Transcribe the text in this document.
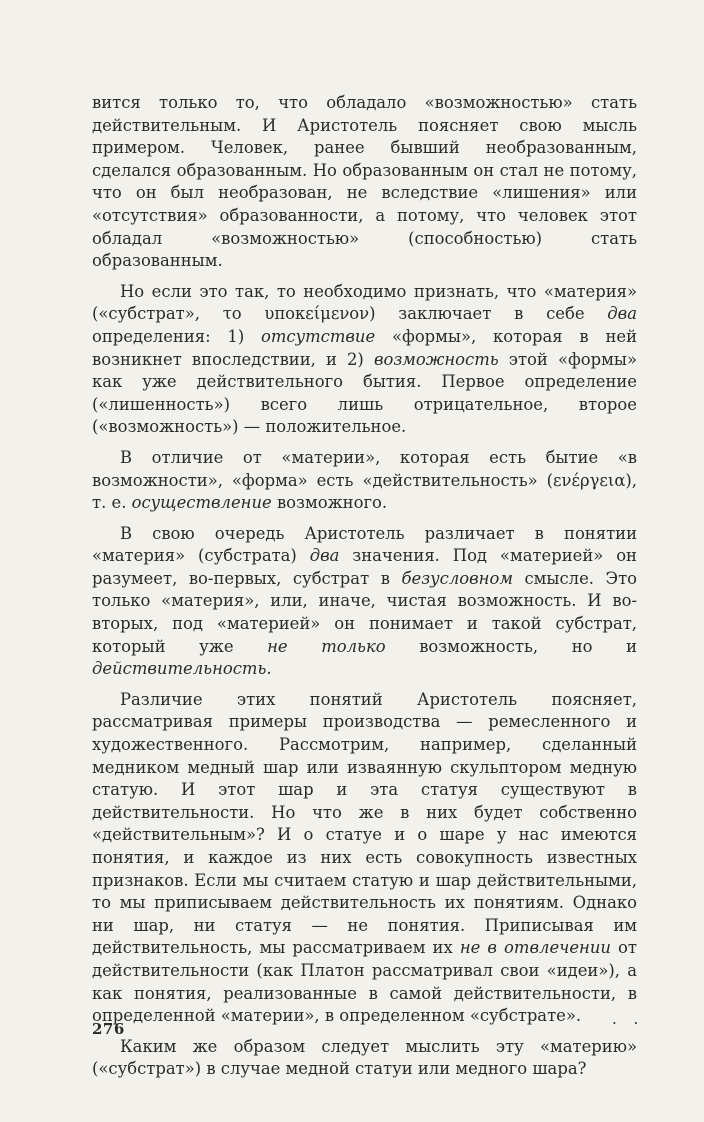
вится только то, что обладало «возможностью» стать действительным. И Аристотель поясняет свою мысль примером. Человек, ранее бывший необразованным, сделался образованным. Но образованным он стал не потому, что он был необразован, не вследствие «лишения» или «отсутствия» образованности, а потому, что человек этот обладал «возможностью» (способностью) стать образованным.

Но если это так, то необходимо признать, что «материя» («субстрат», το υποκείμενον) заключает в себе два определения: 1) отсутствие «формы», которая в ней возникнет впоследствии, и 2) возможность этой «формы» как уже действительного бытия. Первое определение («лишенность») всего лишь отрицательное, второе («возможность») — положительное.

В отличие от «материи», которая есть бытие «в возможности», «форма» есть «действительность» (ενέργεια), т. е. осуществление возможного.

В свою очередь Аристотель различает в понятии «материя» (субстрата) два значения. Под «материей» он разумеет, во-первых, субстрат в безусловном смысле. Это только «материя», или, иначе, чистая возможность. И во-вторых, под «материей» он понимает и такой субстрат, который уже не только возможность, но и действительность.

Различие этих понятий Аристотель поясняет, рассматривая примеры производства — ремесленного и художественного. Рассмотрим, например, сделанный медником медный шар или изваянную скульптором медную статую. И этот шар и эта статуя существуют в действительности. Но что же в них будет собственно «действительным»? И о статуе и о шаре у нас имеются понятия, и каждое из них есть совокупность известных признаков. Если мы считаем статую и шар действительными, то мы приписываем действительность их понятиям. Однако ни шар, ни статуя — не понятия. Приписывая им действительность, мы рассматриваем их не в отвлечении от действительности (как Платон рассматривал свои «идеи»), а как понятия, реализованные в самой действительности, в определенной «материи», в определенном «субстрате».

Каким же образом следует мыслить эту «материю» («субстрат») в случае медной статуи или медного шара?

276	· ·
